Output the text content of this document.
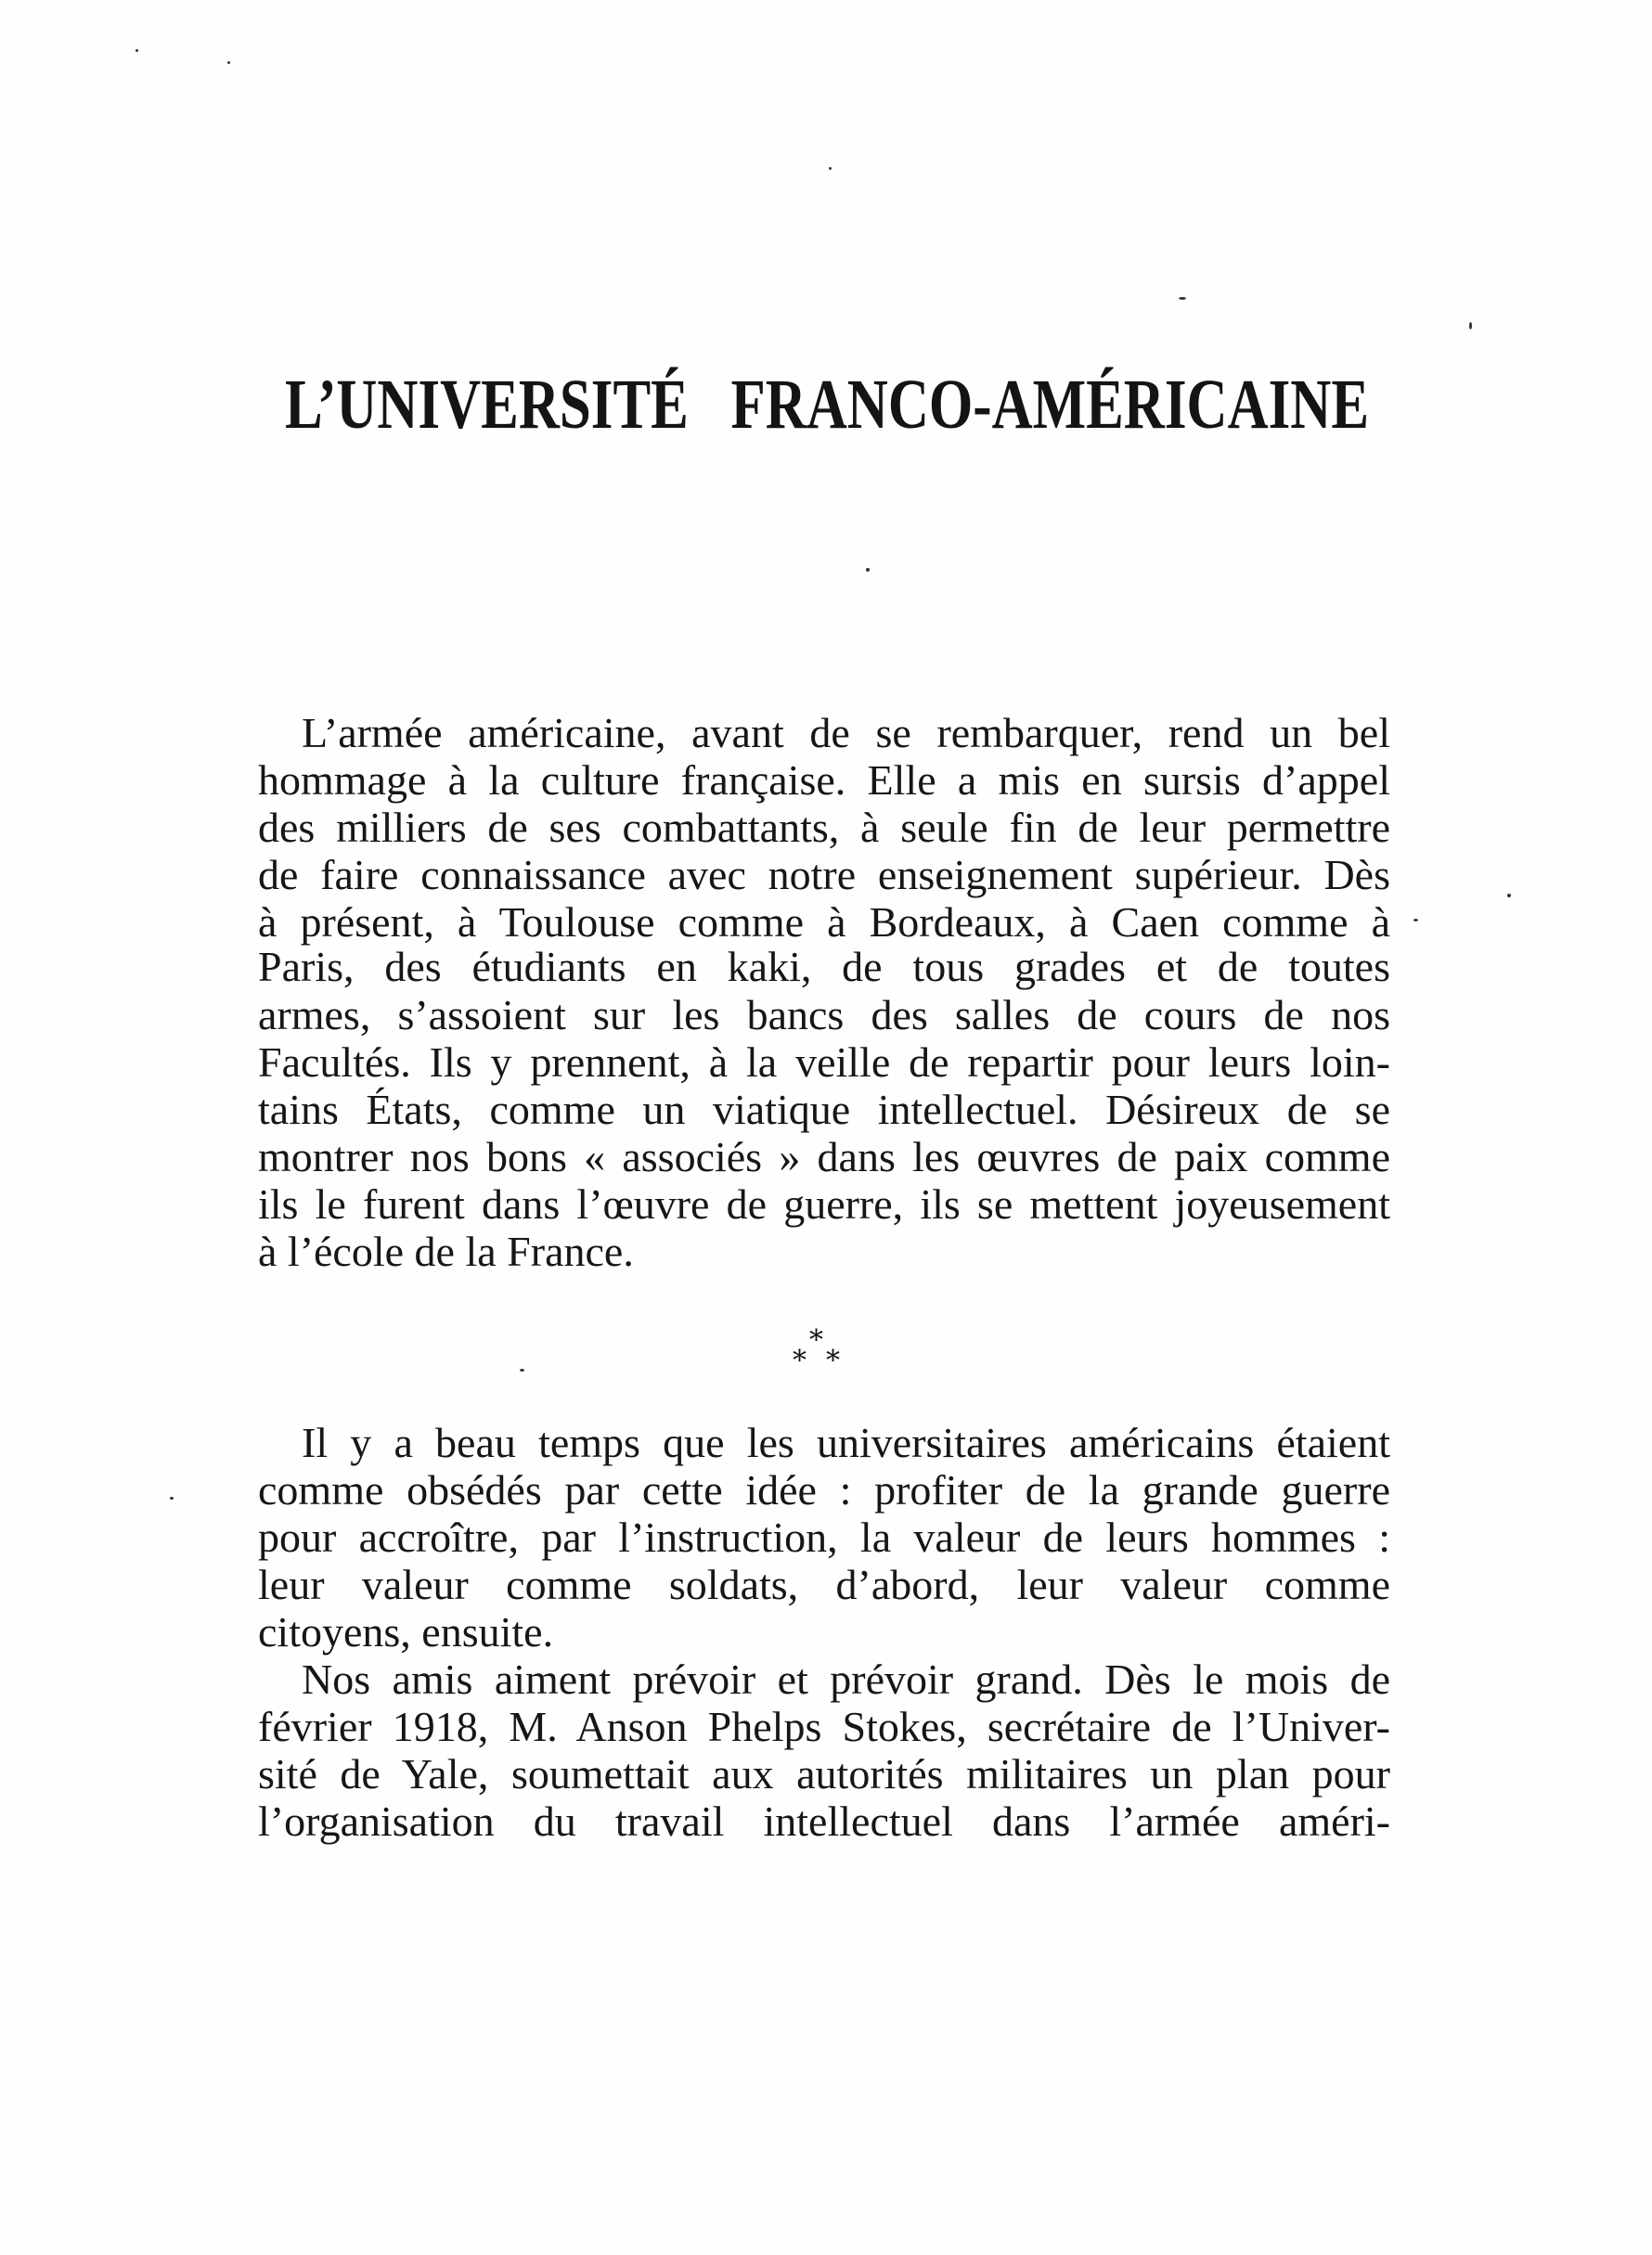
L’UNIVERSITÉ   FRANCO-AMÉRICAINE
L’armée américaine, avant de se rembarquer, rend un bel
hommage à la culture française. Elle a mis en sursis d’appel
des milliers de ses combattants, à seule fin de leur permettre
de faire connaissance avec notre enseignement supérieur. Dès
à présent, à Toulouse comme à Bordeaux, à Caen comme à
Paris, des étudiants en kaki, de tous grades et de toutes
armes, s’assoient sur les bancs des salles de cours de nos
Facultés. Ils y prennent, à la veille de repartir pour leurs loin-
tains États, comme un viatique intellectuel. Désireux de se
montrer nos bons « associés » dans les œuvres de paix comme
ils le furent dans l’œuvre de guerre, ils se mettent joyeusement
à l’école de la France.
*
* *
Il y a beau temps que les universitaires américains étaient
comme obsédés par cette idée : profiter de la grande guerre
pour accroître, par l’instruction, la valeur de leurs hommes :
leur valeur comme soldats, d’abord, leur valeur comme
citoyens, ensuite.
Nos amis aiment prévoir et prévoir grand. Dès le mois de
février 1918, M. Anson Phelps Stokes, secrétaire de l’Univer-
sité de Yale, soumettait aux autorités militaires un plan pour
l’organisation du travail intellectuel dans l’armée améri-
